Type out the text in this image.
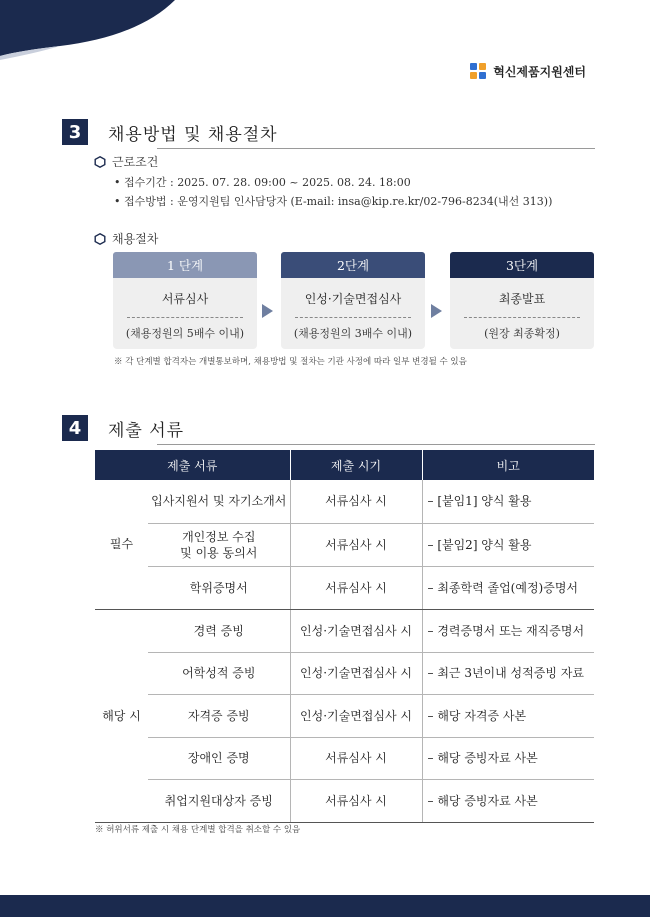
혁신제품지원센터
3	채용방법 및 채용절차
근로조건
• 접수기간 : 2025. 07. 28. 09:00 ~ 2025. 08. 24. 18:00
• 접수방법 : 운영지원팀 인사담당자 (E-mail: insa@kip.re.kr/02-796-8234(내선 313))
채용절차
1 단계
서류심사
(채용정원의 5배수 이내)
2단계
인성·기술면접심사
(채용정원의 3배수 이내)
3단계
최종발표
(원장 최종확정)
※ 각 단계별 합격자는 개별통보하며, 채용방법 및 절차는 기관 사정에 따라 일부 변경될 수 있음
4	제출 서류
제출 서류		제출 시기	비고
필수	입사지원서 및 자기소개서	서류심사 시	– [붙임1] 양식 활용

	개인정보 수집
및 이용 동의서	서류심사 시	– [붙임2] 양식 활용
	학위증명서	서류심사 시	– 최종학력 졸업(예정)증명서
해당 시	경력 증빙	인성·기술면접심사 시	– 경력증명서 또는 재직증명서
	어학성적 증빙	인성·기술면접심사 시	– 최근 3년이내 성적증빙 자료
	자격증 증빙	인성·기술면접심사 시	– 해당 자격증 사본
	장애인 증명	서류심사 시	– 해당 증빙자료 사본
	취업지원대상자 증빙	서류심사 시	– 해당 증빙자료 사본
※ 허위서류 제출 시 채용 단계별 합격을 취소할 수 있음
